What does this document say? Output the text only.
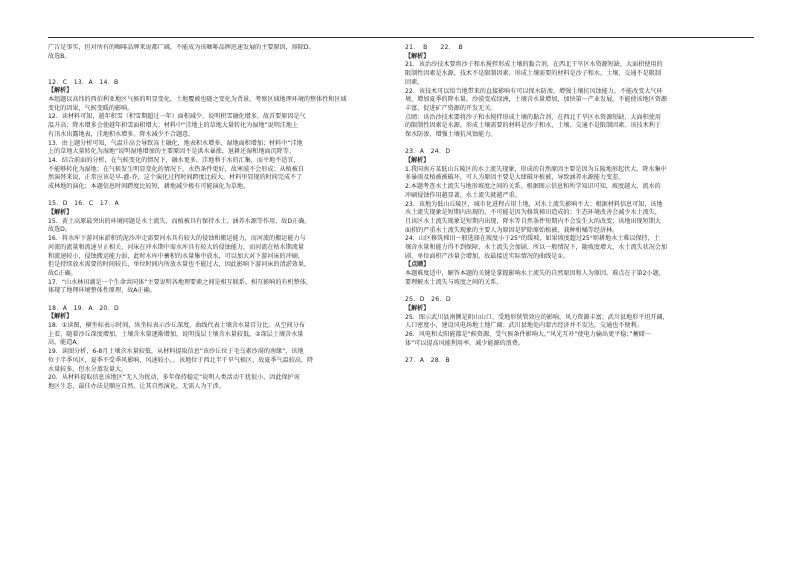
广告是事实，但对所有的咖啡品牌来说都广阔，不能成为该咖啡品牌迅速发展的主要原因，排除D。

故选B。

12．C　13．A　14．B

【解析】

本组题以高纬的西伯利亚地区气候的明显变化，土地覆被也随之变化为背景，考察区域地理环境的整体性和区域

变化的因果，气候变暖的影响。

12．读材料可知，越年积雪（积雪期超过一年）面积减少，说明积雪融化增多，故首要原因是气

温升高；降水增多会使越年积雪面积增大；材料中“洼地上的草地大量转化为湿地”说明洼地上

有汛水出露地表，洼地积水增多，降水减少不合题意。

13．由上题分析可知，气温升高会导致冻土融化，地表积水增多，湿地面积增加；材料中“洼地

上的草地大量转化为湿地”说明湿地增加的主要原因不是洪水暴涨、退耕还湿和地面沉降等。

14．结合前面的分析，在气候变化的情况下，融水更多，洼地利于水的汇集，而平地不适宜，

不能够转化为湿地；在气候发生明显变化的情况下，水热条件更好，故寒漠不会形成；从植被自

然演替来说，正常应该是早-灌-乔，这个演化过程时间跨度比较大，材料里显现的时间完成不了

成林地的演化；本题信息时间跨度比较短，耕地减少极有可能演化为草地。

15．D　16．C　17．A

【解析】

15．黄土高原最突出的环境问题是水土流失，而植被具有保持水土、涵养水源等作用，故D正确。

故选D。

16．将水库下游河床淤积的泥沙冲走需要河水具有较大的侵蚀和搬运能力，而河流的搬运能力与

河流的流量和流速呈正相关，河床在冲水期中需水库具有较大的侵蚀能力，而河流在枯水期流量

和流速较小，侵蚀搬运能力弱，此时水库中蓄积的水量集中放水，可以加大对下游河床的冲刷，

但是持续放水需要的时间较长，单位时间内所放水量也不能过大，因此影响下游河床的清淤效果，

故C正确。

17．“山水林田湖是一个生命共同体”主要说明各地理要素之间是相互联系、相互影响的有机整体，

体现了地理环境整体性原理，故A正确。

18．A　19．A　20．D

【解析】

18．①读图，横坐标表示时间，纵坐标表示沙丘深度，曲线代表土壤含水量百分比。从空间分布

上看，随着沙丘深度增加，土壤含水量逐渐增加，说明浅层土壤含水量较低。②深层土壤含水量

高，能造A。

19．读图分析，6-8月土壤含水量较低，从材料提取信息“该沙丘位于毛乌素沙漠的南缘”，该地

位于半季风区，夏季不受季风影响，风速较小，。该地位于西北半干旱气候区，故夏季气温较高，降

水量较多，但水分蒸发量大。

20．从材料提取信息该地区“无人为扰动，多年保持稳定”说明人类活动干扰很小，因此保护该

地区生态，最佳办法是顺应自然，让其自然演化，无需人为干涉。

21．　B　　22．　B

【解析】

21．该治沙技术要将沙子和水搅拌形成土壤的黏合剂，在西北干旱区水资源短缺，大面积使用的

限制性因素是水源。技术不是限制因素。形成土壤需要的材料是沙子和水，土壤、交通不是限制

因素。

22．该技术可以给当地带来的直接影响有可以保水防渗，增强土壤抗风蚀能力。不能改变大气环

境，增加夏季的降水量。沙漠变成绿洲，土壤含水量增加，加快第一产业发展。不能使该地区资源

丰富，促进矿产资源的开发无关。

点睛：该治沙技术要将沙子和水搅拌形成土壤的黏合剂，在西北干旱区水资源短缺，大面积使用

的限制性因素是水源。形成土壤需要的材料是沙子和水，土壤、交通不是限制因素。该技术利于

保水防渗，增强土壤抗风蚀能力。

23．A　24．D

【解析】

1.我国南方某低山丘陵区的水土流失现象，形成的自然原因主要是因为丘陵地形起伏大、降水集中

多暴雨及植被被破坏，可人为原因主要是大肆破坏植被，导致涵养水源能力变差。

2.本题考查水土流失与地形坡度之间的关系。根据图示信息和所学知识可知，坡度越大，流水的

冲刷侵蚀作用越显著，水土流失就越严重。

23．该地为低山丘陵区，城市化进程占用土地，对水土流失影响不大；根据材料信息可知，该地

水土流失现象是短期内出现的，不可能是因为修筑梯田造成的；生态环境改善会减少水土流失，

且该区水土流失现象是短期内出现，降水等自然条件短期内不会发生大的改变；该地出现短期大

面积的严重水土流失现象的主要人为原因是铲除原始植被，栽种柑橘等经济林。

24．山区修筑梯田一般选择在坡度小于25°的缓坡，如果坡度超过25°则耕地水土难以保持，土

壤含水量和能力得不到保障，水土流失会加剧，所以一般情况下，随坡度增大，水土流失状况会加

剧，单位面积产沙量会增加，故最接近实际情况的曲线是①。

【点睛】

本题难度适中，解答本题的关键是掌握影响水土流失的自然原因和人为原因。难点在于第2小题，

要理解水土流失与坡度之间的关系。

25．D　26．D

【解析】

25．图示武川县南侧是阴山山口，受地形狭管效应的影响，风力资源丰富；武川县地形平坦开阔，

人口密度小，建设风电场地土地广阔；武川县地处内蒙古经济并不发达，交通也不便利。

26．风电和太阳能都是“候资源，受气候条件影响大，”风光互补”使电力输出更平稳；”蓄储一

体”可以提高风能利用率，减少能源的浪费。

27．A　28．B
